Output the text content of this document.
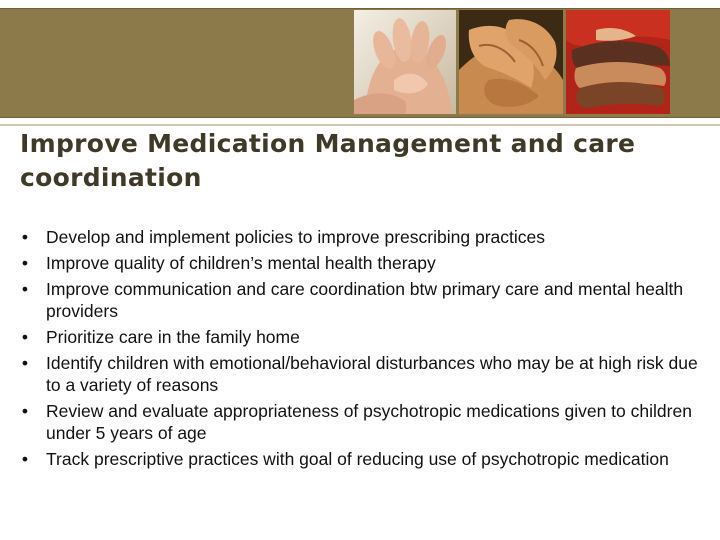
Improve Medication Management and care coordination
• Develop and implement policies to improve prescribing practices
• Improve quality of children’s mental health therapy
• Improve communication and care coordination btw primary care and mental health providers
• Prioritize care in the family home
• Identify children with emotional/behavioral disturbances who may be at high risk due to a variety of reasons
• Review and evaluate appropriateness of psychotropic medications given to children under 5 years of age
• Track prescriptive practices with goal of reducing use of psychotropic medication
